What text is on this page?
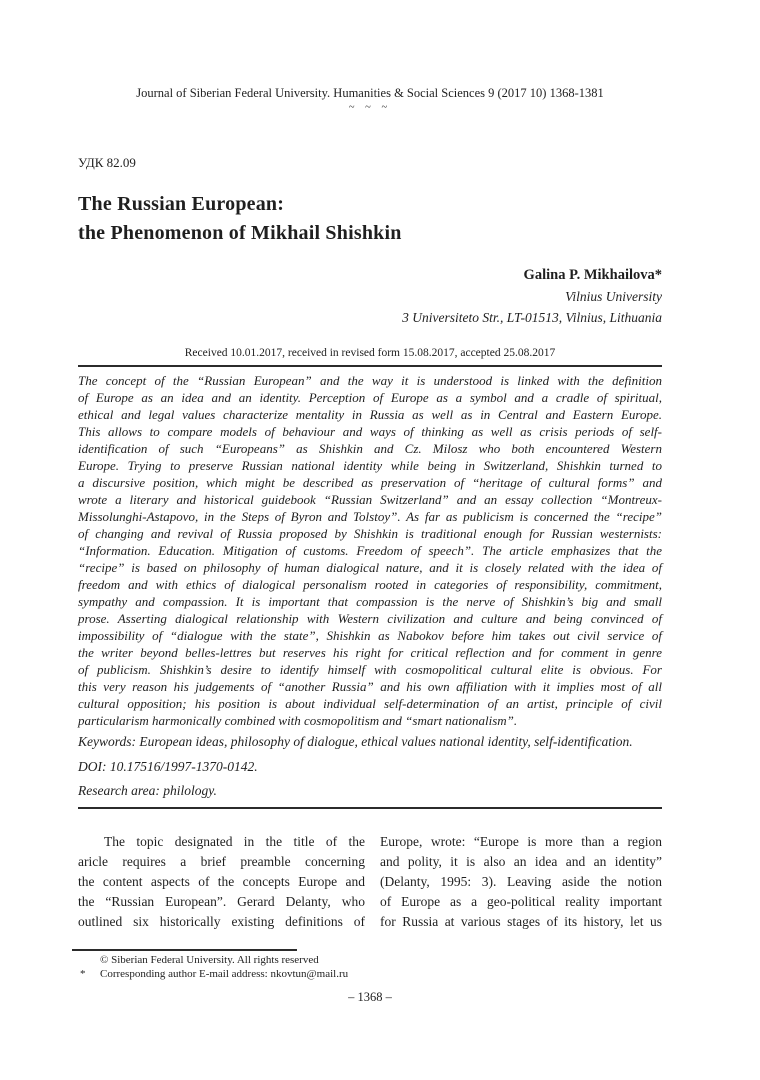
Journal of Siberian Federal University. Humanities & Social Sciences 9 (2017 10) 1368-1381
~ ~ ~
УДК 82.09
The Russian European:
the Phenomenon of Mikhail Shishkin
Galina P. Mikhailova*
Vilnius University
3 Universiteto Str., LT-01513, Vilnius, Lithuania
Received 10.01.2017, received in revised form 15.08.2017, accepted 25.08.2017
The concept of the “Russian European” and the way it is understood is linked with the definition
of Europe as an idea and an identity. Perception of Europe as a symbol and a cradle of spiritual,
ethical and legal values characterize mentality in Russia as well as in Central and Eastern Europe.
This allows to compare models of behaviour and ways of thinking as well as crisis periods of self-
identification of such “Europeans” as Shishkin and Cz. Milosz who both encountered Western
Europe. Trying to preserve Russian national identity while being in Switzerland, Shishkin turned to
a discursive position, which might be described as preservation of “heritage of cultural forms” and
wrote a literary and historical guidebook “Russian Switzerland” and an essay collection “Montreux-
Missolunghi-Astapovo, in the Steps of Byron and Tolstoy”. As far as publicism is concerned the “recipe”
of changing and revival of Russia proposed by Shishkin is traditional enough for Russian westernists:
“Information. Education. Mitigation of customs. Freedom of speech”. The article emphasizes that the
“recipe” is based on philosophy of human dialogical nature, and it is closely related with the idea of
freedom and with ethics of dialogical personalism rooted in categories of responsibility, commitment,
sympathy and compassion. It is important that compassion is the nerve of Shishkin’s big and small
prose. Asserting dialogical relationship with Western civilization and culture and being convinced of
impossibility of “dialogue with the state”, Shishkin as Nabokov before him takes out civil service of
the writer beyond belles-lettres but reserves his right for critical reflection and for comment in genre
of publicism. Shishkin’s desire to identify himself with cosmopolitical cultural elite is obvious. For
this very reason his judgements of “another Russia” and his own affiliation with it implies most of all
cultural opposition; his position is about individual self-determination of an artist, principle of civil
particularism harmonically combined with cosmopolitism and “smart nationalism”.
Keywords: European ideas, philosophy of dialogue, ethical values national identity, self-identification.
DOI: 10.17516/1997-1370-0142.
Research area: philology.
The topic designated in the title of the
aricle requires a brief preamble concerning
the content aspects of the concepts Europe and
the “Russian European”. Gerard Delanty, who
outlined six historically existing definitions of
Europe, wrote: “Europe is more than a region
and polity, it is also an idea and an identity”
(Delanty, 1995: 3). Leaving aside the notion
of Europe as a geo-political reality important
for Russia at various stages of its history, let us
© Siberian Federal University. All rights reserved
* Corresponding author E-mail address: nkovtun@mail.ru
– 1368 –
